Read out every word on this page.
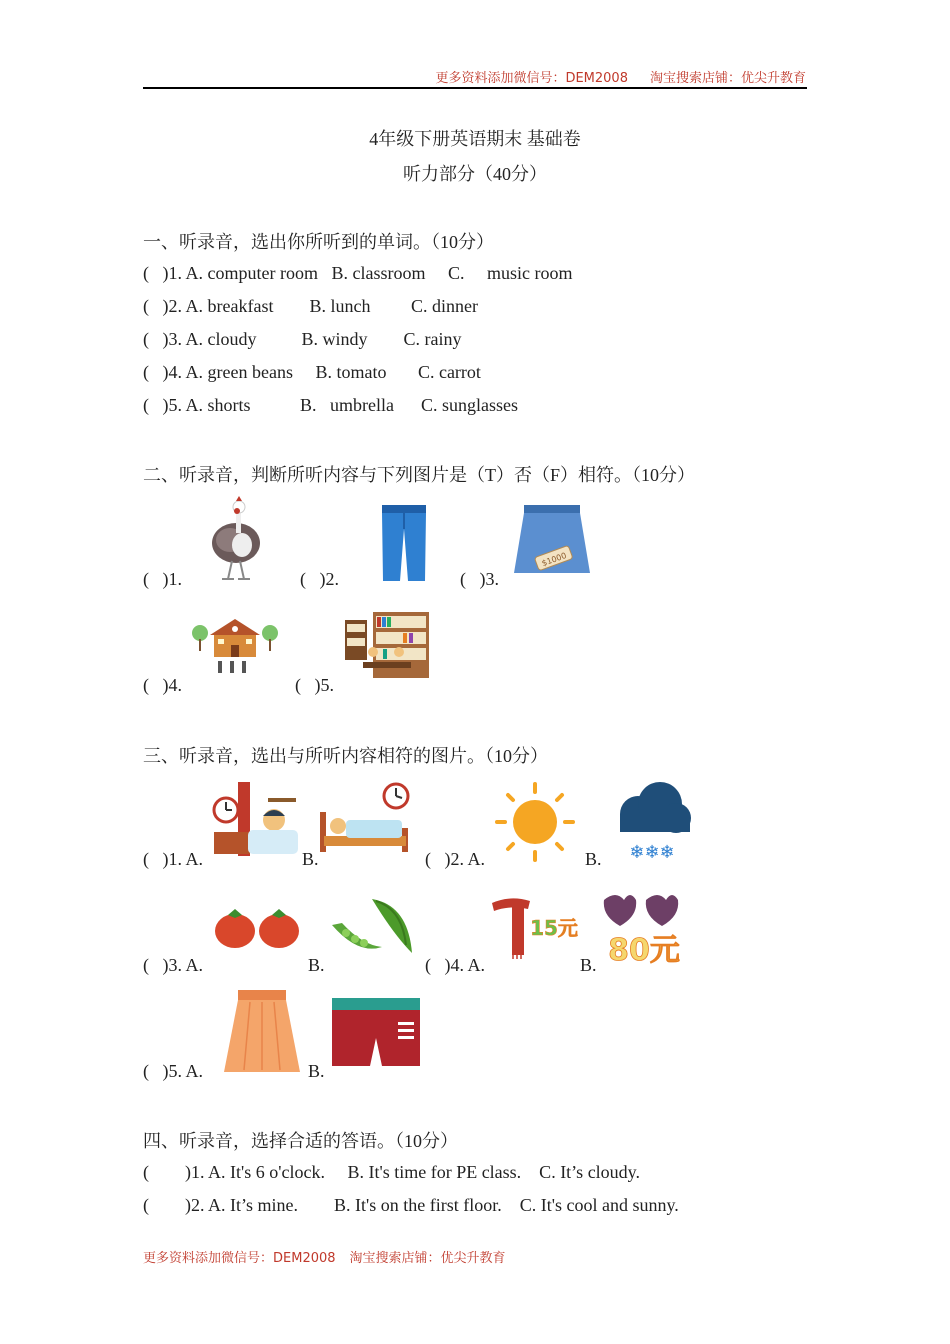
更多资料添加微信号：DEM2008 淘宝搜索店铺：优尖升教育
4年级下册英语期末 基础卷
听力部分（40分）
一、听录音，选出你所听到的单词。（10分）
(   )1. A. computer room   B. classroom     C.     music room
(   )2. A. breakfast        B. lunch         C. dinner
(   )3. A. cloudy          B. windy        C. rainy
(   )4. A. green beans     B. tomato       C. carrot
(   )5. A. shorts           B.   umbrella      C. sunglasses
二、听录音，判断所听内容与下列图片是（T）否（F）相符。（10分）
(   )1.	(   )2.	(   )3.
$1000
(   )4.	(   )5.
三、听录音，选出与所听内容相符的图片。（10分）
(   )1. A.	B.	(   )2. A.	B. ❄❄❄
(   )3. A.	B.	(   )4. A.
15元
B. 80元
(   )5. A.	B.
四、听录音，选择合适的答语。（10分）
(        )1. A. It's 6 o'clock.     B. It's time for PE class.    C. It’s cloudy.
(        )2. A. It’s mine.        B. It's on the first floor.    C. It's cool and sunny.
更多资料添加微信号：DEM2008 淘宝搜索店铺：优尖升教育
